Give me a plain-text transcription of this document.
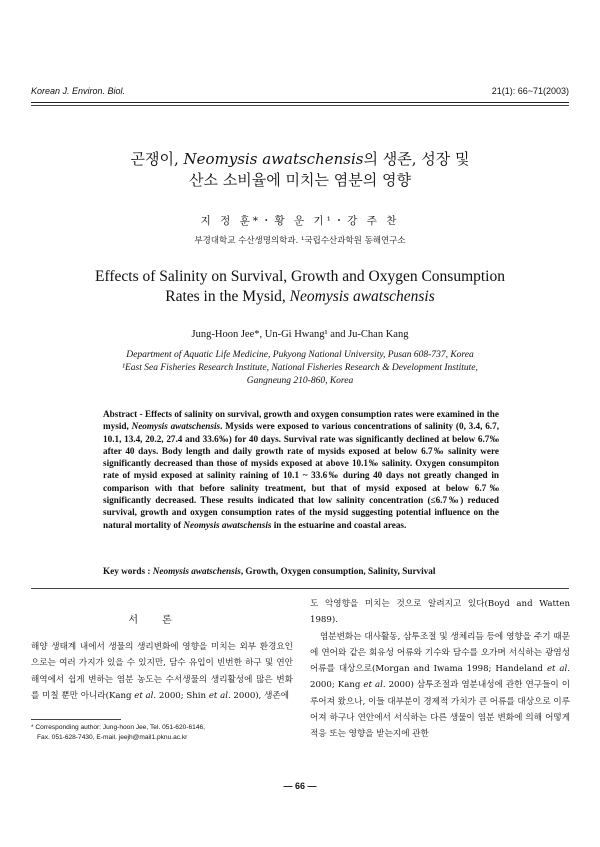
Korean J. Environ. Biol.	21(1): 66~71(2003)
곤쟁이, Neomysis awatschensis의 생존, 성장 및
산소 소비율에 미치는 염분의 영향
지 정 훈*・황 운 기¹・강 주 찬
부경대학교 수산생명의학과. ¹국립수산과학원 동해연구소
Effects of Salinity on Survival, Growth and Oxygen Consumption
Rates in the Mysid, Neomysis awatschensis
Jung-Hoon Jee*, Un-Gi Hwang¹ and Ju-Chan Kang
Department of Aquatic Life Medicine, Pukyong National University, Pusan 608-737, Korea
¹East Sea Fisheries Research Institute, National Fisheries Research & Development Institute,
Gangneung 210-860, Korea
Abstract - Effects of salinity on survival, growth and oxygen consumption rates were examined in the mysid, Neomysis awatschensis. Mysids were exposed to various concentrations of salinity (0, 3.4, 6.7, 10.1, 13.4, 20.2, 27.4 and 33.6‰) for 40 days. Survival rate was significantly declined at below 6.7‰ after 40 days. Body length and daily growth rate of mysids exposed at below 6.7‰ salinity were significantly decreased than those of mysids exposed at above 10.1‰ salinity. Oxygen consumpiton rate of mysid exposed at salinity raining of 10.1 ~ 33.6‰ during 40 days not greatly changed in comparison with that before salinity treatment, but that of mysid exposed at below 6.7‰ significantly decreased. These results indicated that low salinity concentration (≤6.7‰) reduced survival, growth and oxygen consumption rates of the mysid suggesting potential influence on the natural mortality of Neomysis awatschensis in the estuarine and coastal areas.
Key words : Neomysis awatschensis, Growth, Oxygen consumption, Salinity, Survival
서론
해양 생태계 내에서 생물의 생리변화에 영향을 미치는 외부 환경요인으로는 여러 가지가 있을 수 있지만, 담수 유입이 빈번한 하구 및 연안해역에서 쉽게 변하는 염분 농도는 수서생물의 생리활성에 많은 변화를 미칠 뿐만 아니라(Kang et al. 2000; Shin et al. 2000), 생존에

도 악영향을 미치는 것으로 알려지고 있다(Boyd and Watten 1989).

염분변화는 대사활동, 삼투조절 및 생체리듬 등에 영향을 주기 때문에 연어와 같은 회유성 어류와 기수와 담수를 오가며 서식하는 광염성 어류를 대상으로(Morgan and Iwama 1998; Handeland et al. 2000; Kang et al. 2000) 삼투조절과 염분내성에 관한 연구들이 이루어져 왔으나, 이들 대부분이 경제적 가치가 큰 어류를 대상으로 이루어져 하구나 연안에서 서식하는 다른 생물이 염분 변화에 의해 어떻게 적응 또는 영향을 받는지에 관한

* Corresponding author: Jung-hoon Jee, Tel. 051-620-6146,
Fax. 051-628-7430, E-mail. jeejh@mail1.pknu.ac.kr
— 66 —
